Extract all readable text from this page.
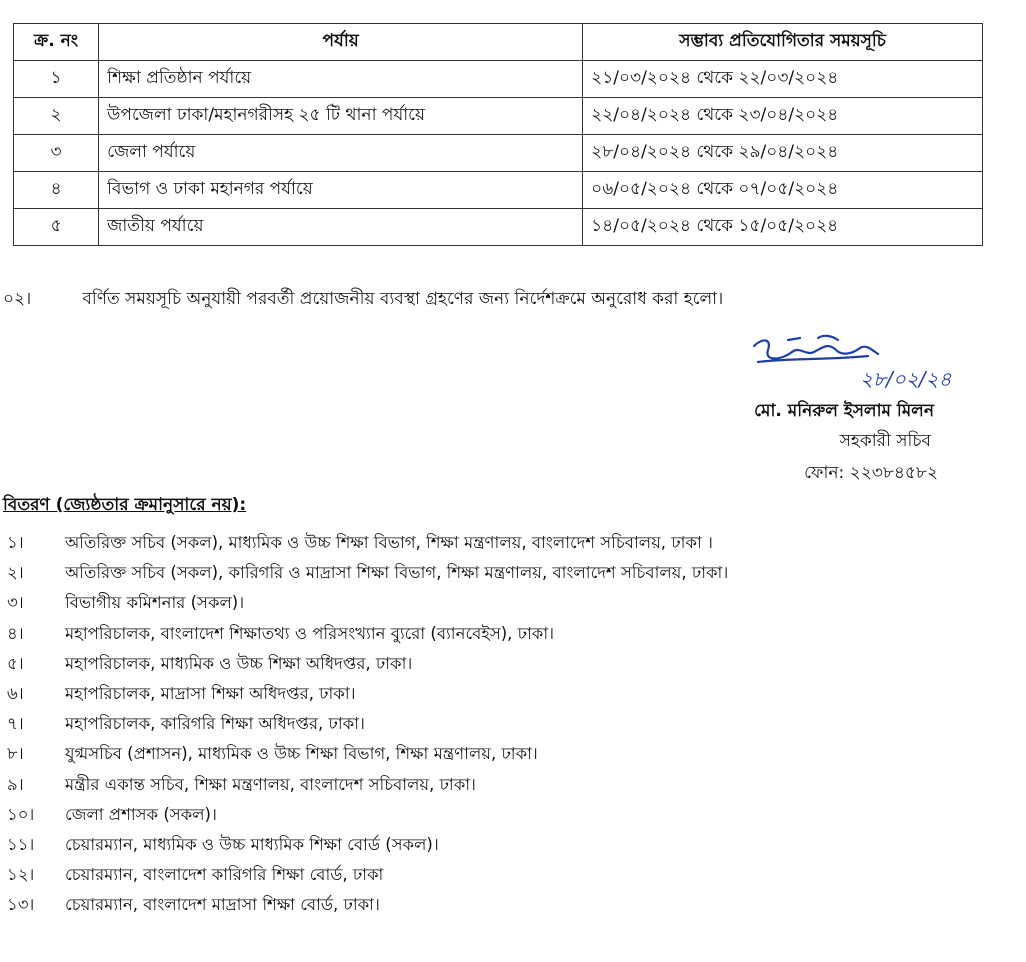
ক্র. নং	পর্যায়	সম্ভাব্য প্রতিযোগিতার সময়সূচি
১	শিক্ষা প্রতিষ্ঠান পর্যায়ে	২১/০৩/২০২৪ থেকে ২২/০৩/২০২৪
২	উপজেলা ঢাকা/মহানগরীসহ ২৫ টি থানা পর্যায়ে	২২/০৪/২০২৪ থেকে ২৩/০৪/২০২৪
৩	জেলা পর্যায়ে	২৮/০৪/২০২৪ থেকে ২৯/০৪/২০২৪
৪	বিভাগ ও ঢাকা মহানগর পর্যায়ে	০৬/০৫/২০২৪ থেকে ০৭/০৫/২০২৪
৫	জাতীয় পর্যায়ে	১৪/০৫/২০২৪ থেকে ১৫/০৫/২০২৪
০২।	বর্ণিত সময়সূচি অনুযায়ী পরবর্তী প্রয়োজনীয় ব্যবস্থা গ্রহণের জন্য নির্দেশক্রমে অনুরোধ করা হলো।
২৮/০২/২৪
মো. মনিরুল ইসলাম মিলন
সহকারী সচিব
ফোন: ২২৩৮৪৫৮২
বিতরণ (জ্যেষ্ঠতার ক্রমানুসারে নয়):
১।	অতিরিক্ত সচিব (সকল), মাধ্যমিক ও উচ্চ শিক্ষা বিভাগ, শিক্ষা মন্ত্রণালয়, বাংলাদেশ সচিবালয়, ঢাকা ।
২।	অতিরিক্ত সচিব (সকল), কারিগরি ও মাদ্রাসা শিক্ষা বিভাগ, শিক্ষা মন্ত্রণালয়, বাংলাদেশ সচিবালয়, ঢাকা।
৩।	বিভাগীয় কমিশনার (সকল)।
৪।	মহাপরিচালক, বাংলাদেশ শিক্ষাতথ্য ও পরিসংখ্যান ব্যুরো (ব্যানবেইস), ঢাকা।
৫।	মহাপরিচালক, মাধ্যমিক ও উচ্চ শিক্ষা অধিদপ্তর, ঢাকা।
৬।	মহাপরিচালক, মাদ্রাসা শিক্ষা অধিদপ্তর, ঢাকা।
৭।	মহাপরিচালক, কারিগরি শিক্ষা অধিদপ্তর, ঢাকা।
৮।	যুগ্মসচিব (প্রশাসন), মাধ্যমিক ও উচ্চ শিক্ষা বিভাগ, শিক্ষা মন্ত্রণালয়, ঢাকা।
৯।	মন্ত্রীর একান্ত সচিব, শিক্ষা মন্ত্রণালয়, বাংলাদেশ সচিবালয়, ঢাকা।
১০। জেলা প্রশাসক (সকল)।
১১। চেয়ারম্যান, মাধ্যমিক ও উচ্চ মাধ্যমিক শিক্ষা বোর্ড (সকল)।
১২। চেয়ারম্যান, বাংলাদেশ কারিগরি শিক্ষা বোর্ড, ঢাকা
১৩। চেয়ারম্যান, বাংলাদেশ মাদ্রাসা শিক্ষা বোর্ড, ঢাকা।
